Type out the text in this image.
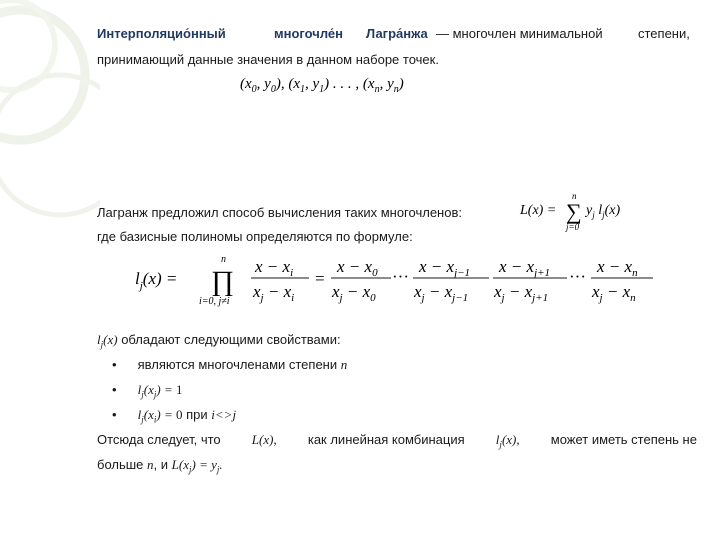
Интерполяцио́нный	многочле́н Лагра́нжа — многочлен минимальной	степени,
принимающий данные значения в данном наборе точек.
($x_0$, $y_0$), ($x_1$, $y_1$) . . . , ($x_n$, $y_n$)
Лагранж предложил способ вычисления таких многочленов:	L(x) =
n
∑
j=0
$y_j$ $l_j(x)$
где базисные полиномы определяются по формуле:
$l_j(x)$ =
n
∏
i=0, j≠i
$x - x_i$
$x_j - x_i$
=
$x - x_0$
$x_j - x_0$
···
$x - x_{j-1}$
$x_j - x_{j-1}$
$x - x_{j+1}$
$x_j - x_{j+1}$
···
$x - x_n$
$x_j - x_n$
$l_j(x)$ обладают следующими свойствами:
• являются многочленами степени n
• $l_j(x_j) = 1$
• $l_j(x_i) = 0$ при i<>j
Отсюда следует, что L(x), как линейная комбинация $l_j(x)$, может иметь степень не
больше n, и $L(x_j) = y_j$.
